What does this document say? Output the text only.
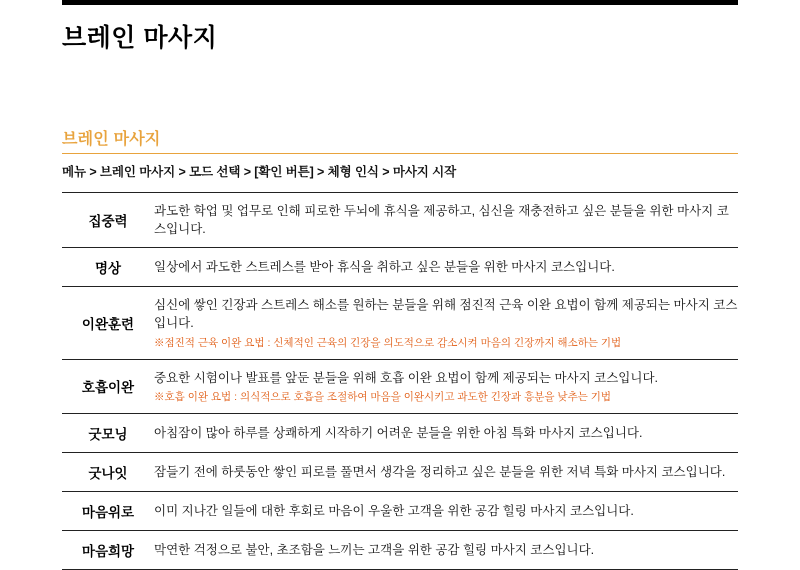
브레인 마사지
브레인 마사지
메뉴 > 브레인 마사지 > 모드 선택 > [확인 버튼] > 체형 인식 > 마사지 시작
집중력	과도한 학업 및 업무로 인해 피로한 두뇌에 휴식을 제공하고, 심신을 재충전하고 싶은 분들을 위한 마사지 코스입니다.
명상	일상에서 과도한 스트레스를 받아 휴식을 취하고 싶은 분들을 위한 마사지 코스입니다.
이완훈련	심신에 쌓인 긴장과 스트레스 해소를 원하는 분들을 위해 점진적 근육 이완 요법이 함께 제공되는 마사지 코스입니다.
※점진적 근육 이완 요법 : 신체적인 근육의 긴장을 의도적으로 감소시켜 마음의 긴장까지 해소하는 기법

호흡이완	중요한 시험이나 발표를 앞둔 분들을 위해 호흡 이완 요법이 함께 제공되는 마사지 코스입니다.
※호흡 이완 요법 : 의식적으로 호흡을 조절하여 마음을 이완시키고 과도한 긴장과 흥분을 낮추는 기법

굿모닝	아침잠이 많아 하루를 상쾌하게 시작하기 어려운 분들을 위한 아침 특화 마사지 코스입니다.
굿나잇	잠들기 전에 하룻동안 쌓인 피로를 풀면서 생각을 정리하고 싶은 분들을 위한 저녁 특화 마사지 코스입니다.
마음위로	이미 지나간 일들에 대한 후회로 마음이 우울한 고객을 위한 공감 힐링 마사지 코스입니다.
마음희망	막연한 걱정으로 불안, 초조함을 느끼는 고객을 위한 공감 힐링 마사지 코스입니다.
